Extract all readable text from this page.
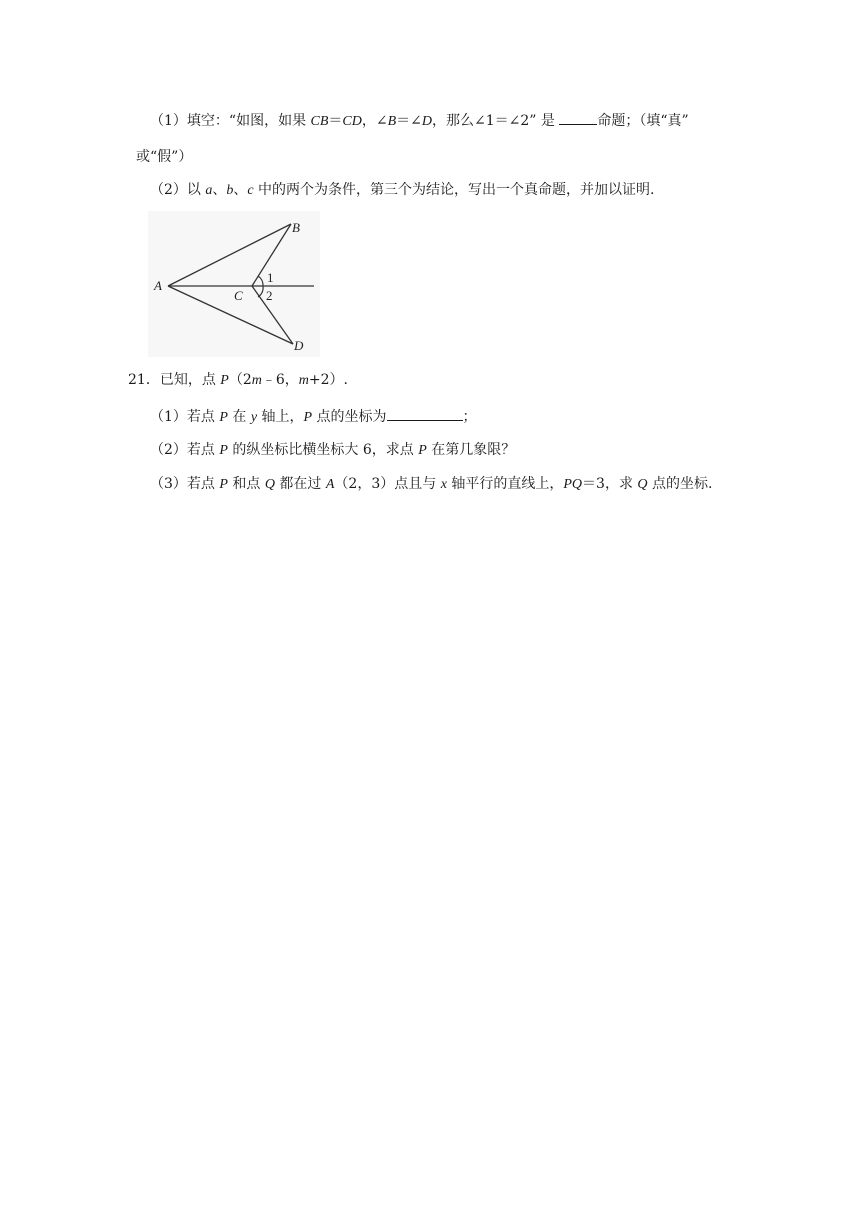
（1）填空：“如图，如果 CB＝CD，∠B＝∠D，那么∠1＝∠2” 是	命题；（填“真”
或“假”）
（2）以 a、b、c 中的两个为条件，第三个为结论，写出一个真命题，并加以证明.
A
B
C
D
1
2
21．已知，点 P（2m﹣6，m+2）.
（1）若点 P 在 y 轴上，P 点的坐标为	；
（2）若点 P 的纵坐标比横坐标大 6，求点 P 在第几象限？
（3）若点 P 和点 Q 都在过 A（2，3）点且与 x 轴平行的直线上，PQ＝3，求 Q 点的坐标.
